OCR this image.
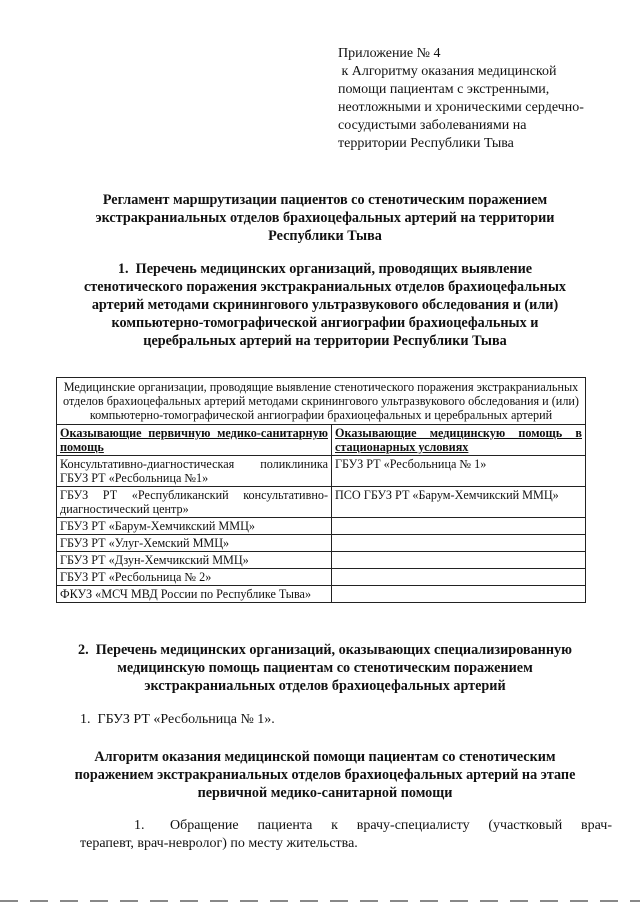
Приложение № 4
к Алгоритму оказания медицинской
помощи пациентам с экстренными,
неотложными и хроническими сердечно-
сосудистыми заболеваниями на
территории Республики Тыва
Регламент маршрутизации пациентов со стенотическим поражением
экстракраниальных отделов брахиоцефальных артерий на территории
Республики Тыва
1.  Перечень медицинских организаций, проводящих выявление
стенотического поражения экстракраниальных отделов брахиоцефальных
артерий методами скринингового ультразвукового обследования и (или)
компьютерно-томографической ангиографии брахиоцефальных и
церебральных артерий на территории Республики Тыва
Медицинские организации, проводящие выявление стенотического поражения экстракраниальных отделов брахиоцефальных артерий методами скринингового ультразвукового обследования и (или) компьютерно-томографической ангиографии брахиоцефальных и церебральных артерий	
Оказывающие первичную медико-санитарную помощь	Оказывающие медицинскую помощь в стационарных условиях
Консультативно-диагностическая поликлиника ГБУЗ РТ «Ресбольница №1»	ГБУЗ РТ «Ресбольница № 1»
ГБУЗ РТ «Республиканский консультативно-диагностический центр»	ПСО ГБУЗ РТ «Барум-Хемчикский ММЦ»
ГБУЗ РТ «Барум-Хемчикский ММЦ»	
ГБУЗ РТ «Улуг-Хемский ММЦ»	
ГБУЗ РТ «Дзун-Хемчикский ММЦ»	
ГБУЗ РТ «Ресбольница № 2»	
ФКУЗ «МСЧ МВД России по Республике Тыва»	
2.  Перечень медицинских организаций, оказывающих специализированную
медицинскую помощь пациентам со стенотическим поражением
экстракраниальных отделов брахиоцефальных артерий
1.  ГБУЗ РТ «Ресбольница № 1».
Алгоритм оказания медицинской помощи пациентам со стенотическим
поражением экстракраниальных отделов брахиоцефальных артерий на этапе
первичной медико-санитарной помощи
1. Обращение пациента к врачу-специалисту (участковый врач-
терапевт, врач-невролог) по месту жительства.
